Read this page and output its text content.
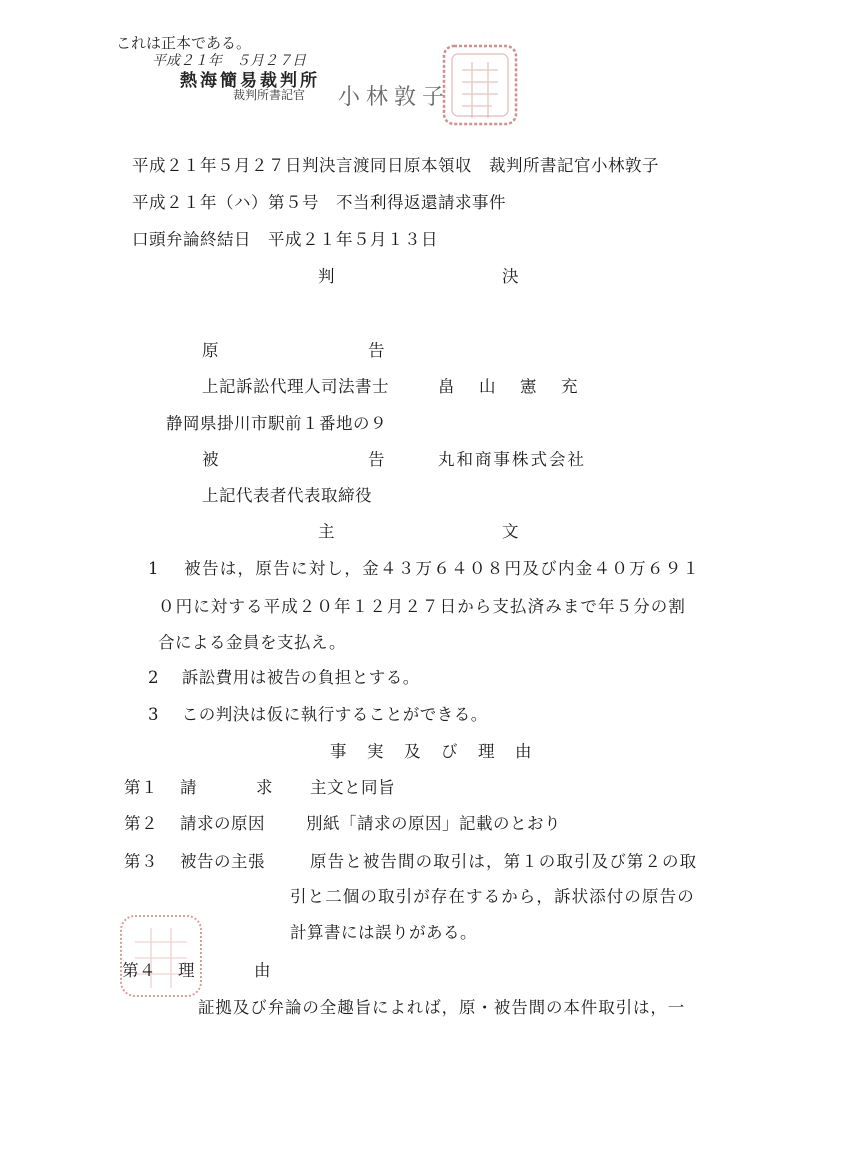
これは正本である。
平成２１年　５月２７日
熱海簡易裁判所
裁判所書記官 小林敦子
平成２１年５月２７日判決言渡同日原本領収　裁判所書記官小林敦子
平成２１年（ハ）第５号　不当利得返還請求事件
口頭弁論終結日　平成２１年５月１３日
判	決
原	告
上記訴訟代理人司法書士	畠　山　憲　充
静岡県掛川市駅前１番地の９
被	告	丸和商事株式会社
上記代表者代表取締役
主	文
1　 被告は，原告に対し，金４３万６４０８円及び内金４０万６９１
０円に対する平成２０年１２月２７日から支払済みまで年５分の割
合による金員を支払え。
2　 訴訟費用は被告の負担とする。
3　 この判決は仮に執行することができる。
事　実　及　び　理　由
第１ 請	求 主文と同旨
第２ 請求の原因 別紙「請求の原因」記載のとおり
第３ 被告の主張	原告と被告間の取引は，第１の取引及び第２の取
引と二個の取引が存在するから，訴状添付の原告の
計算書には誤りがある。
第４ 理	由
証拠及び弁論の全趣旨によれば，原・被告間の本件取引は，一
